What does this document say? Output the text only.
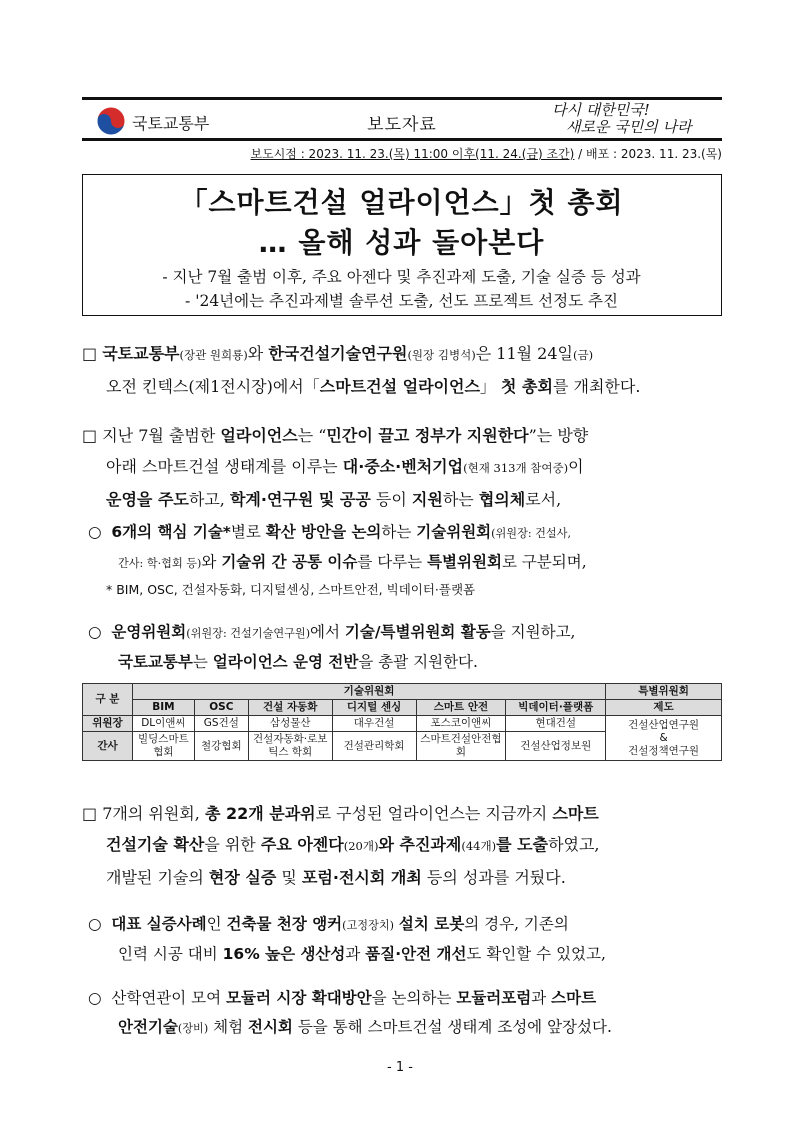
국토교통부	보도자료
다시 대한민국!
새로운 국민의 나라
보도시점 : 2023. 11. 23.(목) 11:00 이후(11. 24.(금) 조간) / 배포 : 2023. 11. 23.(목)
「스마트건설 얼라이언스」첫 총회
… 올해 성과 돌아본다
- 지난 7월 출범 이후, 주요 아젠다 및 추진과제 도출, 기술 실증 등 성과
- '24년에는 추진과제별 솔루션 도출, 선도 프로젝트 선정도 추진
□ 국토교통부(장관 원희룡)와 한국건설기술연구원(원장 김병석)은 11월 24일(금)
오전 킨텍스(제1전시장)에서「스마트건설 얼라이언스」 첫 총회를 개최한다.
□ 지난 7월 출범한 얼라이언스는 “민간이 끌고 정부가 지원한다”는 방향
아래 스마트건설 생태계를 이루는 대·중소·벤처기업(현재 313개 참여중)이
운영을 주도하고, 학계·연구원 및 공공 등이 지원하는 협의체로서,
○ 6개의 핵심 기술*별로 확산 방안을 논의하는 기술위원회(위원장: 건설사,
간사: 학·협회 등)와 기술위 간 공통 이슈를 다루는 특별위원회로 구분되며,
* BIM, OSC, 건설자동화, 디지털센싱, 스마트안전, 빅데이터·플랫폼
○ 운영위원회(위원장: 건설기술연구원)에서 기술/특별위원회 활동을 지원하고,
국토교통부는 얼라이언스 운영 전반을 총괄 지원한다.
구 분	기술위원회						특별위원회
	BIM	OSC	건설 자동화	디지털 센싱	스마트 안전	빅데이터·플랫폼	제도
위원장	DL이앤씨	GS건설	삼성물산	대우건설	포스코이앤씨	현대건설	건설산업연구원
&
건설정책연구원

간사	빌딩스마트협회	철강협회	건설자동화·로보틱스 학회	건설관리학회	스마트건설안전협회	건설산업정보원	
□ 7개의 위원회, 총 22개 분과위로 구성된 얼라이언스는 지금까지 스마트
건설기술 확산을 위한 주요 아젠다(20개)와 추진과제(44개)를 도출하였고,
개발된 기술의 현장 실증 및 포럼·전시회 개최 등의 성과를 거뒀다.
○ 대표 실증사례인 건축물 천장 앵커(고정장치) 설치 로봇의 경우, 기존의
인력 시공 대비 16% 높은 생산성과 품질·안전 개선도 확인할 수 있었고,
○ 산학연관이 모여 모듈러 시장 확대방안을 논의하는 모듈러포럼과 스마트
안전기술(장비) 체험 전시회 등을 통해 스마트건설 생태계 조성에 앞장섰다.
- 1 -
